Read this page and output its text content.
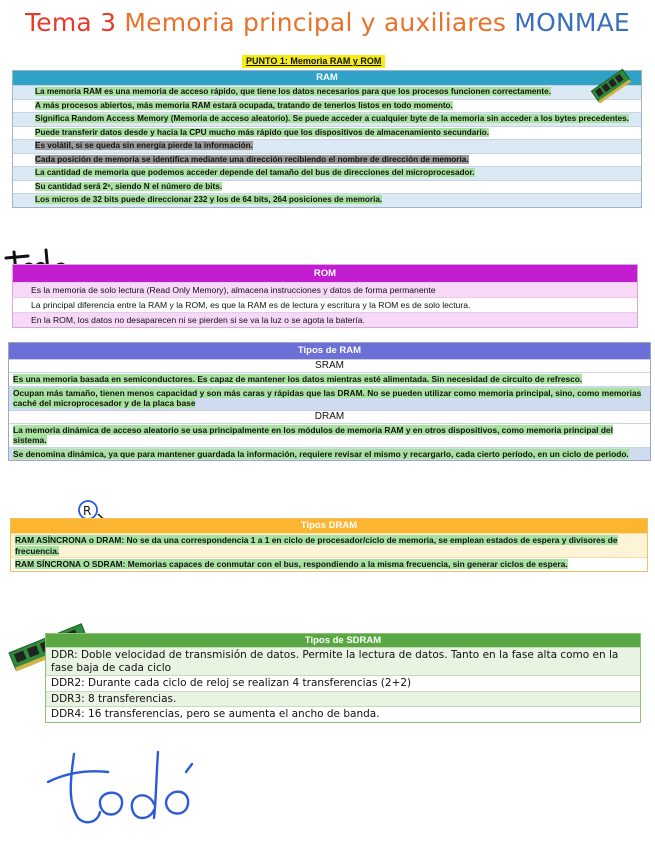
Tema 3 Memoria principal y auxiliares MONMAE
PUNTO 1: Memoria RAM y ROM
RAM
La memoria RAM es una memoria de acceso rápido, que tiene los datos necesarios para que los procesos funcionen correctamente.
A más procesos abiertos, más memoria RAM estará ocupada, tratando de tenerlos listos en todo momento.
Significa Random Access Memory (Memoria de acceso aleatorio). Se puede acceder a cualquier byte de la memoria sin acceder a los bytes precedentes.
Puede transferir datos desde y hacia la CPU mucho más rápido que los dispositivos de almacenamiento secundario.
Es volátil, si se queda sin energía pierde la información.
Cada posición de memoria se identifica mediante una dirección recibiendo el nombre de dirección de memoria.
La cantidad de memoria que podemos acceder depende del tamaño del bus de direcciones del microprocesador.
Su cantidad será 2ⁿ, siendo N el número de bits.
Los micros de 32 bits puede direccionar 232 y los de 64 bits, 264 posiciones de memoria.
ROM
Es la memoria de solo lectura (Read Only Memory), almacena instrucciones y datos de forma permanente
La principal diferencia entre la RAM y la ROM, es que la RAM es de lectura y escritura y la ROM es de solo lectura.
En la ROM, los datos no desaparecen ni se pierden si se va la luz o se agota la batería.
Tipos de RAM
SRAM
Es una memoria basada en semiconductores. Es capaz de mantener los datos mientras esté alimentada. Sin necesidad de circuito de refresco.
Ocupan más tamaño, tienen menos capacidad y son más caras y rápidas que las DRAM. No se pueden utilizar como memoria principal, sino, como memorias caché del microprocesador y de la placa base
DRAM
La memoria dinámica de acceso aleatorio se usa principalmente en los módulos de memoria RAM y en otros dispositivos, como memoria principal del sistema.
Se denomina dinámica, ya que para mantener guardada la información, requiere revisar el mismo y recargarlo, cada cierto período, en un ciclo de periodo.
R
Tipos DRAM
RAM ASÍNCRONA o DRAM: No se da una correspondencia 1 a 1 en ciclo de procesador/ciclo de memoria, se emplean estados de espera y divisores de frecuencia.
RAM SÍNCRONA O SDRAM: Memorias capaces de conmutar con el bus, respondiendo a la misma frecuencia, sin generar ciclos de espera.
Tipos de SDRAM
DDR: Doble velocidad de transmisión de datos. Permite la lectura de datos. Tanto en la fase alta como en la fase baja de cada ciclo
DDR2: Durante cada ciclo de reloj se realizan 4 transferencias (2+2)
DDR3: 8 transferencias.
DDR4: 16 transferencias, pero se aumenta el ancho de banda.
